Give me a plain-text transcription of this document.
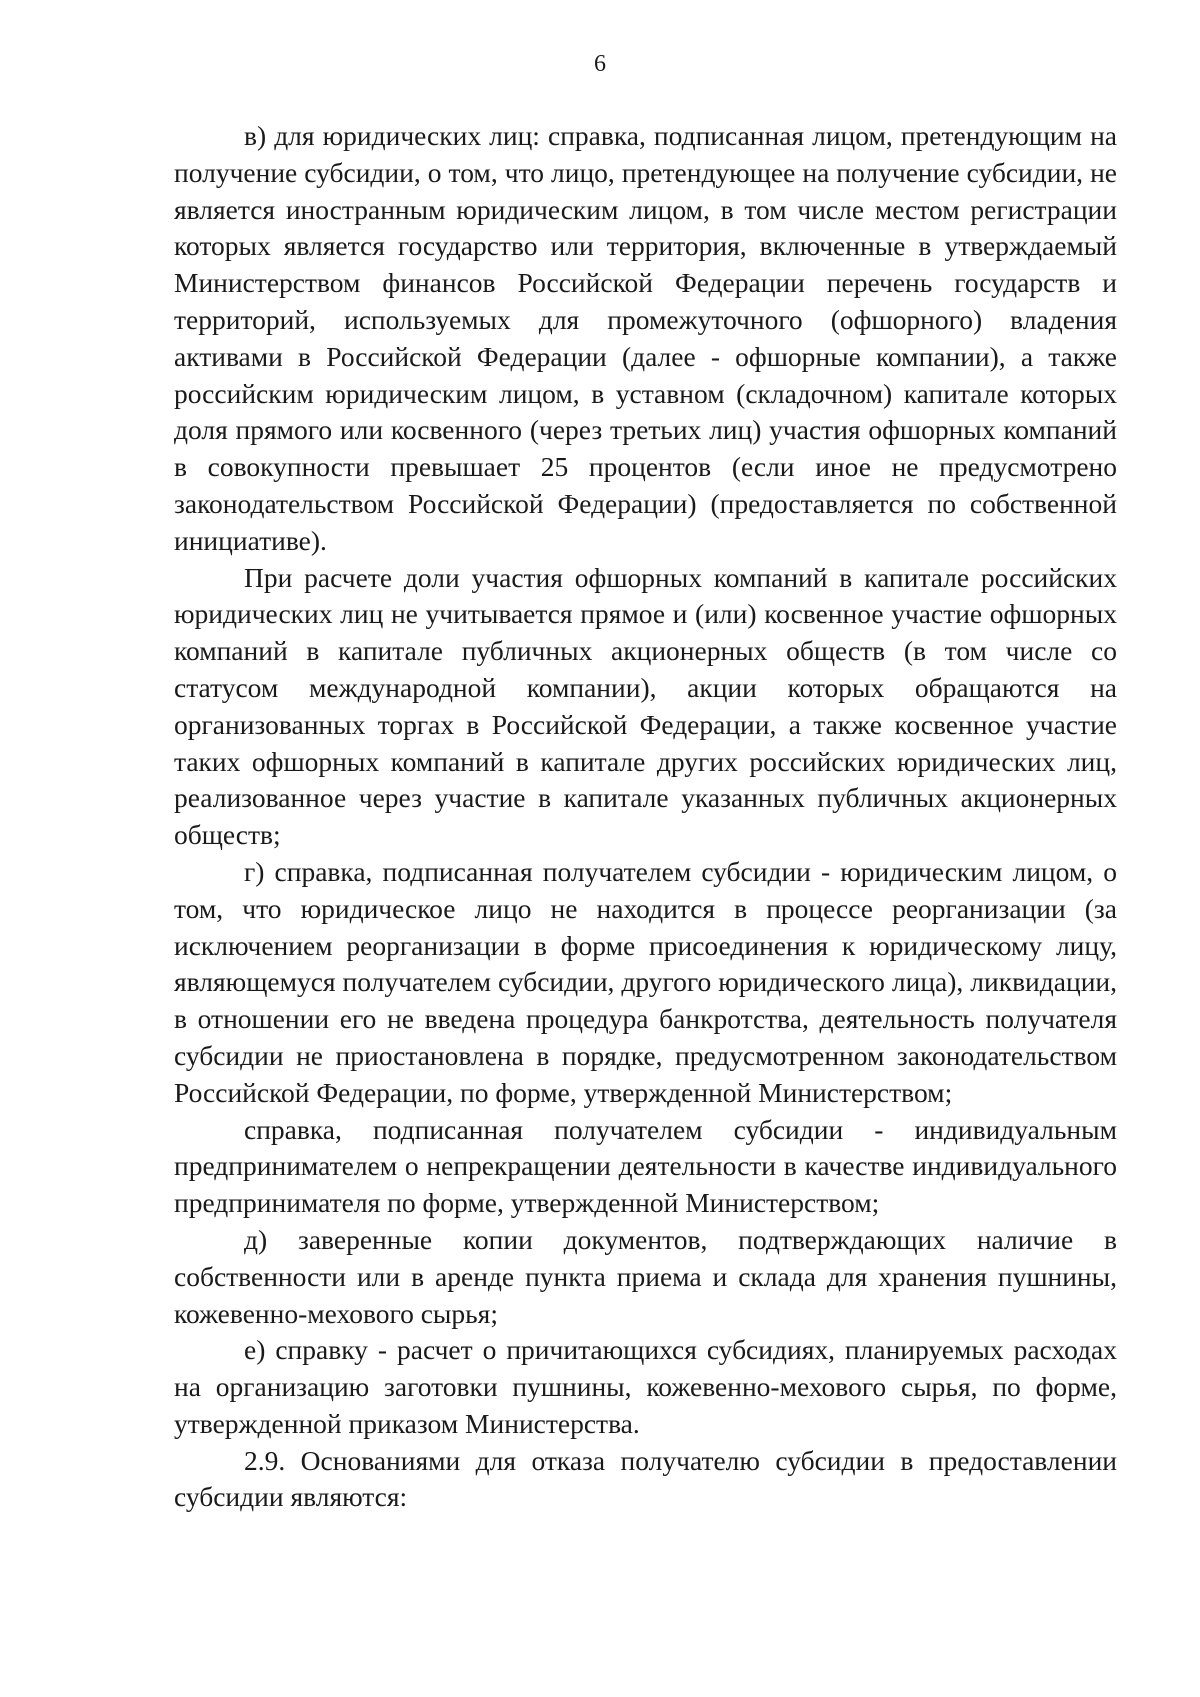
6

в) для юридических лиц: справка, подписанная лицом, претендующим на получение субсидии, о том, что лицо, претендующее на получение субсидии, не является иностранным юридическим лицом, в том числе местом регистрации которых является государство или территория, включенные в утверждаемый Министерством финансов Российской Федерации перечень государств и территорий, используемых для промежуточного (офшорного) владения активами в Российской Федерации (далее - офшорные компании), а также российским юридическим лицом, в уставном (складочном) капитале которых доля прямого или косвенного (через третьих лиц) участия офшорных компаний в совокупности превышает 25 процентов (если иное не предусмотрено законодательством Российской Федерации) (предоставляется по собственной инициативе).

При расчете доли участия офшорных компаний в капитале российских юридических лиц не учитывается прямое и (или) косвенное участие офшорных компаний в капитале публичных акционерных обществ (в том числе со статусом международной компании), акции которых обращаются на организованных торгах в Российской Федерации, а также косвенное участие таких офшорных компаний в капитале других российских юридических лиц, реализованное через участие в капитале указанных публичных акционерных обществ;

г) справка, подписанная получателем субсидии - юридическим лицом, о том, что юридическое лицо не находится в процессе реорганизации (за исключением реорганизации в форме присоединения к юридическому лицу, являющемуся получателем субсидии, другого юридического лица), ликвидации, в отношении его не введена процедура банкротства, деятельность получателя субсидии не приостановлена в порядке, предусмотренном законодательством Российской Федерации, по форме, утвержденной Министерством;

справка, подписанная получателем субсидии - индивидуальным предпринимателем о непрекращении деятельности в качестве индивидуального предпринимателя по форме, утвержденной Министерством;

д) заверенные копии документов, подтверждающих наличие в собственности или в аренде пункта приема и склада для хранения пушнины, кожевенно-мехового сырья;

е) справку - расчет о причитающихся субсидиях, планируемых расходах на организацию заготовки пушнины, кожевенно-мехового сырья, по форме, утвержденной приказом Министерства.

2.9. Основаниями для отказа получателю субсидии в предоставлении субсидии являются:
